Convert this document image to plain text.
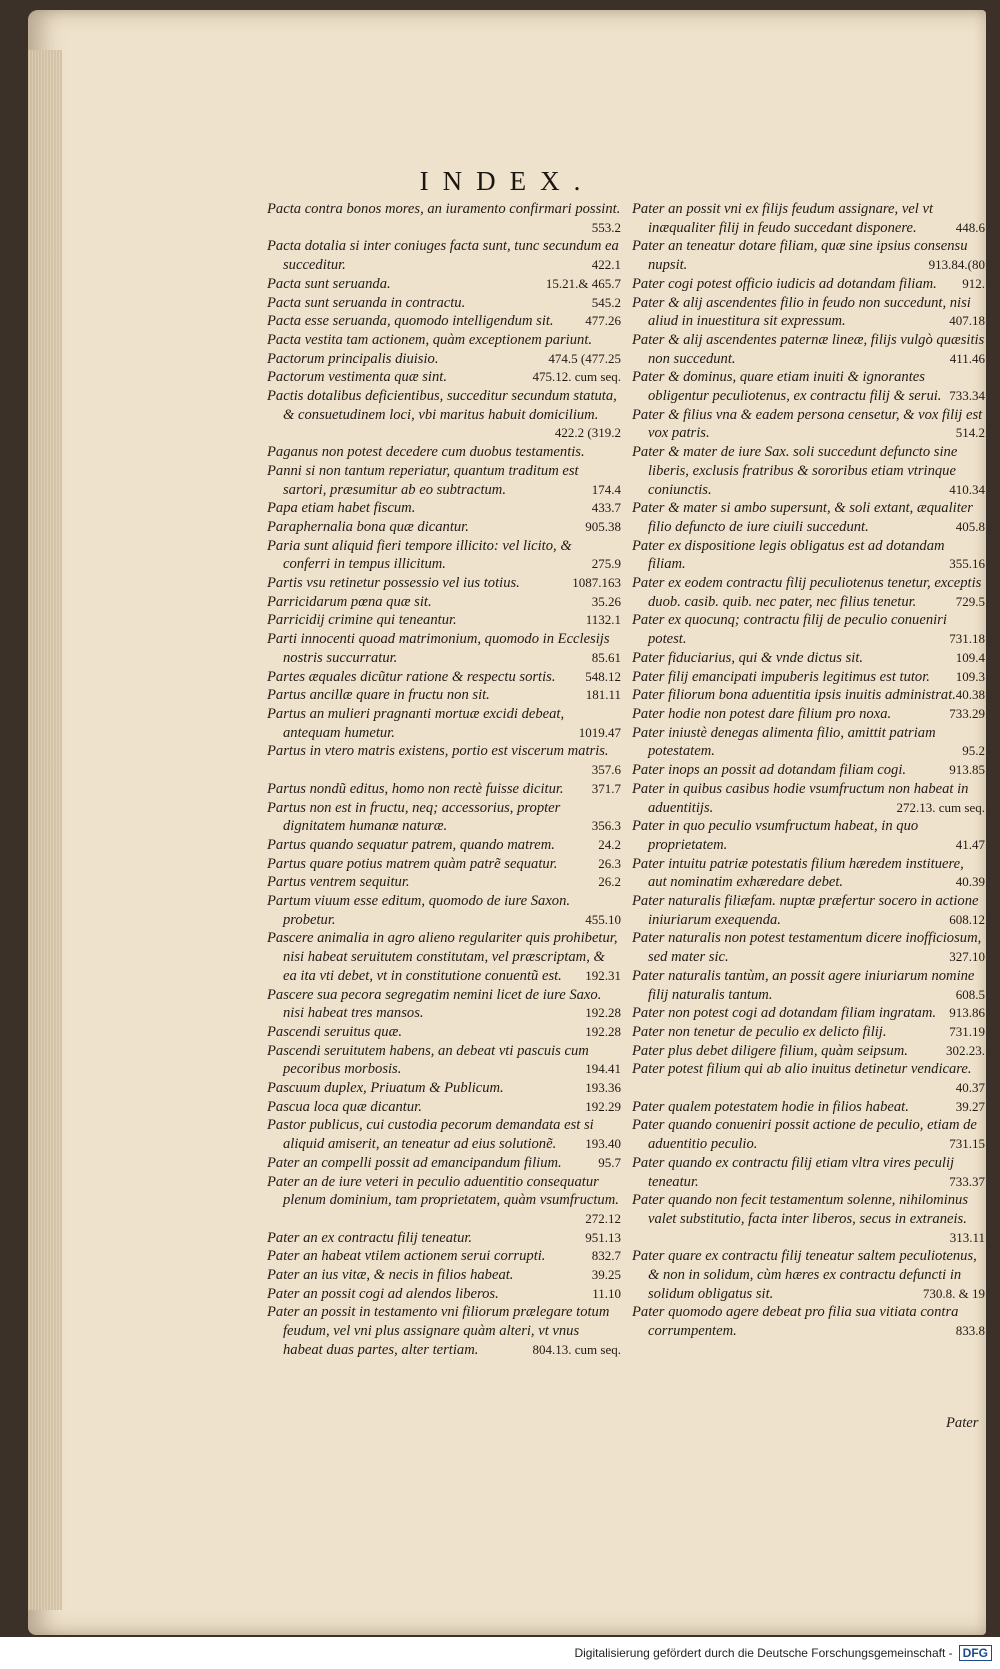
INDEX.

Pacta contra bonos mores, an iuramento confirmari possint.
553.2

Pacta dotalia si inter coniuges facta sunt, tunc secundum ea succeditur.	422.1

Pacta sunt seruanda.	15.21.& 465.7

Pacta sunt seruanda in contractu.	545.2

Pacta esse seruanda, quomodo intelligendum sit. 477.26

Pacta vestita tam actionem, quàm exceptionem pariunt.

Pactorum principalis diuisio.	474.5 (477.25

Pactorum vestimenta quæ sint.	475.12. cum seq.

Pactis dotalibus deficientibus, succeditur secundum statuta, & consuetudinem loci, vbi maritus habuit domicilium.
422.2 (319.2

Paganus non potest decedere cum duobus testamentis.

Panni si non tantum reperiatur, quantum traditum est sartori, præsumitur ab eo subtractum.	174.4

Papa etiam habet fiscum.	433.7

Paraphernalia bona quæ dicantur.	905.38

Paria sunt aliquid fieri tempore illicito: vel licito, & conferri in tempus illicitum.	275.9

Partis vsu retinetur possessio vel ius totius.	1087.163

Parricidarum pœna quæ sit.	35.26

Parricidij crimine qui teneantur.	1132.1

Parti innocenti quoad matrimonium, quomodo in Ecclesijs nostris succurratur.	85.61

Partes æquales dicũtur ratione & respectu sortis. 548.12

Partus ancillæ quare in fructu non sit.	181.11

Partus an mulieri pragnanti mortuæ excidi debeat, antequam humetur.	1019.47

Partus in vtero matris existens, portio est viscerum matris.
357.6

Partus nondũ editus, homo non rectè fuisse dicitur. 371.7

Partus non est in fructu, neq; accessorius, propter dignitatem humanæ naturæ.	356.3

Partus quando sequatur patrem, quando matrem.	24.2

Partus quare potius matrem quàm patrẽ sequatur.	26.3

Partus ventrem sequitur.	26.2

Partum viuum esse editum, quomodo de iure Saxon. probetur.	455.10

Pascere animalia in agro alieno regulariter quis prohibetur, nisi habeat seruitutem constitutam, vel præscriptam, & ea ita vti debet, vt in constitutione conuentũ est. 192.31

Pascere sua pecora segregatim nemini licet de iure Saxo. nisi habeat tres mansos.	192.28

Pascendi seruitus quæ.	192.28

Pascendi seruitutem habens, an debeat vti pascuis cum pecoribus morbosis.	194.41

Pascuum duplex, Priuatum & Publicum.	193.36

Pascua loca quæ dicantur.	192.29

Pastor publicus, cui custodia pecorum demandata est si aliquid amiserit, an teneatur ad eius solutionẽ. 193.40

Pater an compelli possit ad emancipandum filium.	95.7

Pater an de iure veteri in peculio aduentitio consequatur plenum dominium, tam proprietatem, quàm vsumfructum.
272.12

Pater an ex contractu filij teneatur.	951.13

Pater an habeat vtilem actionem serui corrupti.	832.7

Pater an ius vitæ, & necis in filios habeat.	39.25

Pater an possit cogi ad alendos liberos.	11.10

Pater an possit in testamento vni filiorum prælegare totum feudum, vel vni plus assignare quàm alteri, vt vnus habeat duas partes, alter tertiam.	804.13. cum seq.

Pater an possit vni ex filijs feudum assignare, vel vt inæqualiter filij in feudo succedant disponere.	448.6

Pater an teneatur dotare filiam, quæ sine ipsius consensu nupsit.	913.84.(80

Pater cogi potest officio iudicis ad dotandam filiam. 912.

Pater & alij ascendentes filio in feudo non succedunt, nisi aliud in inuestitura sit expressum.	407.18

Pater & alij ascendentes paternæ lineæ, filijs vulgò quæsitis non succedunt.	411.46

Pater & dominus, quare etiam inuiti & ignorantes obligentur peculiotenus, ex contractu filij & serui. 733.34

Pater & filius vna & eadem persona censetur, & vox filij est vox patris.	514.2

Pater & mater de iure Sax. soli succedunt defuncto sine liberis, exclusis fratribus & sororibus etiam vtrinque coniunctis.	410.34

Pater & mater si ambo supersunt, & soli extant, æqualiter filio defuncto de iure ciuili succedunt.	405.8

Pater ex dispositione legis obligatus est ad dotandam filiam.	355.16

Pater ex eodem contractu filij peculiotenus tenetur, exceptis duob. casib. quib. nec pater, nec filius tenetur.	729.5

Pater ex quocunq; contractu filij de peculio conueniri potest.	731.18

Pater fiduciarius, qui & vnde dictus sit.	109.4

Pater filij emancipati impuberis legitimus est tutor. 109.3

Pater filiorum bona aduentitia ipsis inuitis administrat. 40.38

Pater hodie non potest dare filium pro noxa.	733.29

Pater iniustè denegas alimenta filio, amittit patriam potestatem.	95.2

Pater inops an possit ad dotandam filiam cogi.	913.85

Pater in quibus casibus hodie vsumfructum non habeat in aduentitijs.	272.13. cum seq.

Pater in quo peculio vsumfructum habeat, in quo proprietatem.	41.47

Pater intuitu patriæ potestatis filium hæredem instituere, aut nominatim exhæredare debet.	40.39

Pater naturalis filiæfam. nuptæ præfertur socero in actione iniuriarum exequenda.	608.12

Pater naturalis non potest testamentum dicere inofficiosum, sed mater sic.	327.10

Pater naturalis tantùm, an possit agere iniuriarum nomine filij naturalis tantum.	608.5

Pater non potest cogi ad dotandam filiam ingratam. 913.86

Pater non tenetur de peculio ex delicto filij.	731.19

Pater plus debet diligere filium, quàm seipsum.	302.23.

Pater potest filium qui ab alio inuitus detinetur vendicare.
40.37

Pater qualem potestatem hodie in filios habeat.	39.27

Pater quando conueniri possit actione de peculio, etiam de aduentitio peculio.	731.15

Pater quando ex contractu filij etiam vltra vires peculij teneatur.	733.37

Pater quando non fecit testamentum solenne, nihilominus valet substitutio, facta inter liberos, secus in extraneis.
313.11

Pater quare ex contractu filij teneatur saltem peculiotenus, & non in solidum, cùm hæres ex contractu defuncti in solidum obligatus sit.	730.8. & 19

Pater quomodo agere debeat pro filia sua vitiata contra corrumpentem.	833.8

Pater
Digitalisierung gefördert durch die Deutsche Forschungsgemeinschaft - DFG
